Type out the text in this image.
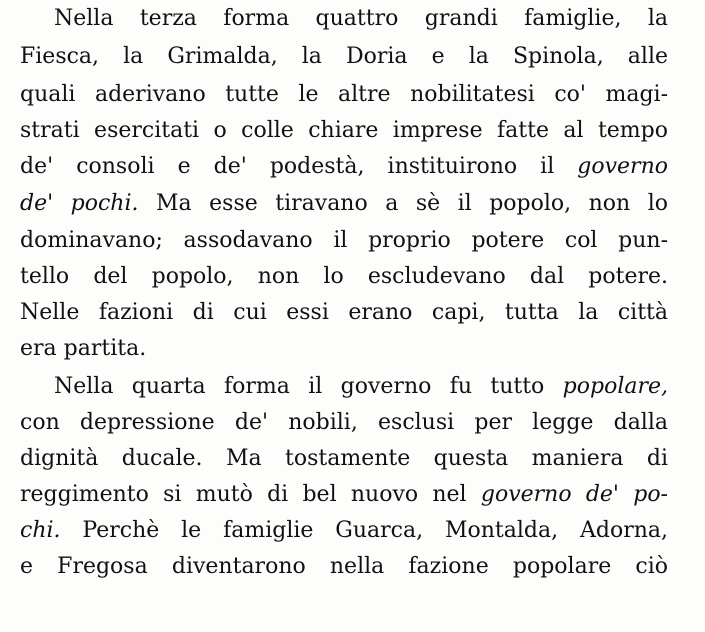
Nella terza forma quattro grandi famiglie, la
Fiesca, la Grimalda, la Doria e la Spinola, alle
quali aderivano tutte le altre nobilitatesi co' magi-
strati esercitati o colle chiare imprese fatte al tempo
de' consoli e de' podestà, instituirono il governo
de' pochi. Ma esse tiravano a sè il popolo, non lo
dominavano; assodavano il proprio potere col pun-
tello del popolo, non lo escludevano dal potere.
Nelle fazioni di cui essi erano capi, tutta la città
era partita.
Nella quarta forma il governo fu tutto popolare,
con depressione de' nobili, esclusi per legge dalla
dignità ducale. Ma tostamente questa maniera di
reggimento si mutò di bel nuovo nel governo de' po-
chi. Perchè le famiglie Guarca, Montalda, Adorna,
e Fregosa diventarono nella fazione popolare ciò
